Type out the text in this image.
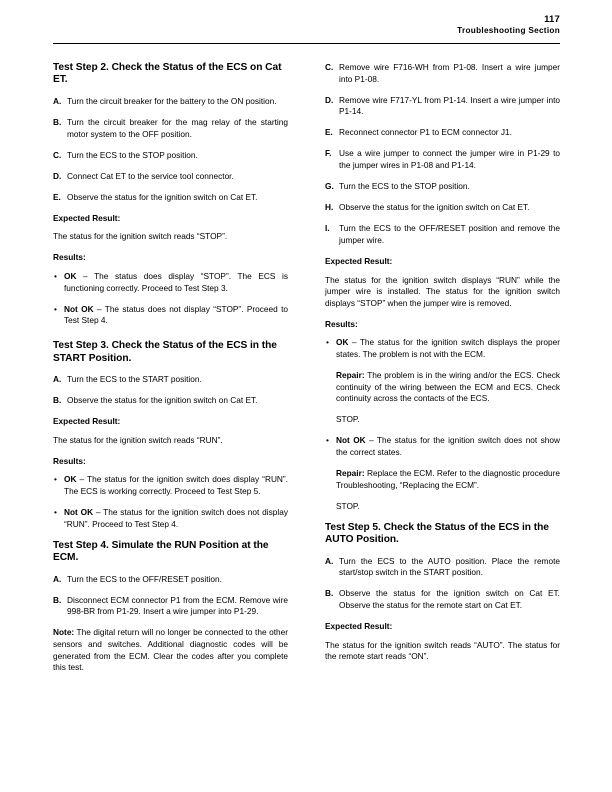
117
Troubleshooting Section
Test Step 2. Check the Status of the ECS on Cat ET.
A. Turn the circuit breaker for the battery to the ON position.
B. Turn the circuit breaker for the mag relay of the starting motor system to the OFF position.
C. Turn the ECS to the STOP position.
D. Connect Cat ET to the service tool connector.
E. Observe the status for the ignition switch on Cat ET.
Expected Result:

The status for the ignition switch reads “STOP”.

Results:
• OK – The status does display “STOP”. The ECS is functioning correctly. Proceed to Test Step 3.
• Not OK – The status does not display “STOP”. Proceed to Test Step 4.
Test Step 3. Check the Status of the ECS in the START Position.
A. Turn the ECS to the START position.
B. Observe the status for the ignition switch on Cat ET.
Expected Result:

The status for the ignition switch reads “RUN”.

Results:
• OK – The status for the ignition switch does display “RUN”. The ECS is working correctly. Proceed to Test Step 5.
• Not OK – The status for the ignition switch does not display “RUN”. Proceed to Test Step 4.
Test Step 4. Simulate the RUN Position at the ECM.
A. Turn the ECS to the OFF/RESET position.
B. Disconnect ECM connector P1 from the ECM. Remove wire 998-BR from P1-29. Insert a wire jumper into P1-29.

Note: The digital return will no longer be connected to the other sensors and switches. Additional diagnostic codes will be generated from the ECM. Clear the codes after you complete this test.

C. Remove wire F716-WH from P1-08. Insert a wire jumper into P1-08.
D. Remove wire F717-YL from P1-14. Insert a wire jumper into P1-14.
E. Reconnect connector P1 to ECM connector J1.
F. Use a wire jumper to connect the jumper wire in P1-29 to the jumper wires in P1-08 and P1-14.
G. Turn the ECS to the STOP position.
H. Observe the status for the ignition switch on Cat ET.
I.	Turn the ECS to the OFF/RESET position and remove the jumper wire.
Expected Result:

The status for the ignition switch displays “RUN” while the jumper wire is installed. The status for the ignition switch displays “STOP” when the jumper wire is removed.

Results:
• OK – The status for the ignition switch displays the proper states. The problem is not with the ECM.

Repair: The problem is in the wiring and/or the ECS. Check continuity of the wiring between the ECM and ECS. Check continuity across the contacts of the ECS.

STOP.

• Not OK – The status for the ignition switch does not show the correct states.

Repair: Replace the ECM. Refer to the diagnostic procedure Troubleshooting, “Replacing the ECM”.

STOP.

Test Step 5. Check the Status of the ECS in the AUTO Position.
A. Turn the ECS to the AUTO position. Place the remote start/stop switch in the START position.
B. Observe the status for the ignition switch on Cat ET. Observe the status for the remote start on Cat ET.
Expected Result:

The status for the ignition switch reads “AUTO”. The status for the remote start reads “ON”.
